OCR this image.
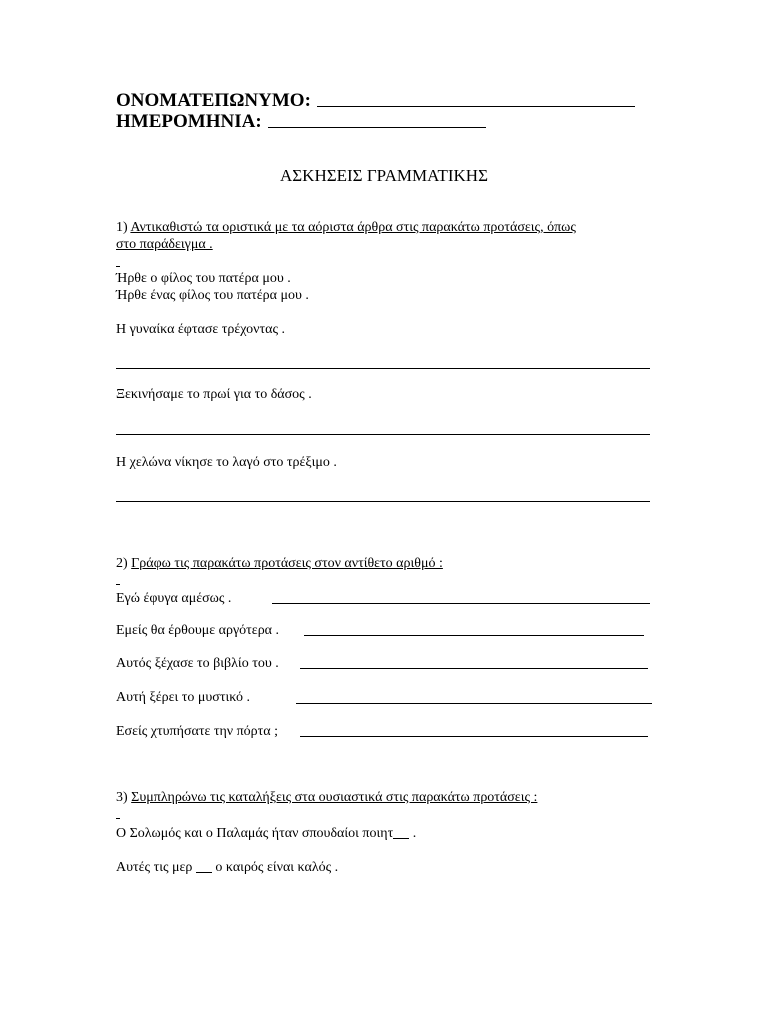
ΟΝΟΜΑΤΕΠΩΝΥΜΟ:
ΗΜΕΡΟΜΗΝΙΑ:
ΑΣΚΗΣΕΙΣ ΓΡΑΜΜΑΤΙΚΗΣ
1) Αντικαθιστώ τα οριστικά με τα αόριστα άρθρα στις παρακάτω προτάσεις, όπως
στο παράδειγμα .
Ήρθε ο φίλος του πατέρα μου .
Ήρθε ένας φίλος του πατέρα μου .
Η γυναίκα έφτασε τρέχοντας .
Ξεκινήσαμε το πρωί για το δάσος .
Η χελώνα νίκησε το λαγό στο τρέξιμο .
2) Γράφω τις παρακάτω προτάσεις στον αντίθετο αριθμό :
Εγώ έφυγα αμέσως .
Εμείς θα έρθουμε αργότερα .
Αυτός ξέχασε το βιβλίο του .
Αυτή ξέρει το μυστικό .
Εσείς χτυπήσατε την πόρτα ;
3) Συμπληρώνω τις καταλήξεις στα ουσιαστικά στις παρακάτω προτάσεις :
Ο Σολωμός και ο Παλαμάς ήταν σπουδαίοι ποιητ .
Αυτές τις μερ  ο καιρός είναι καλός .
